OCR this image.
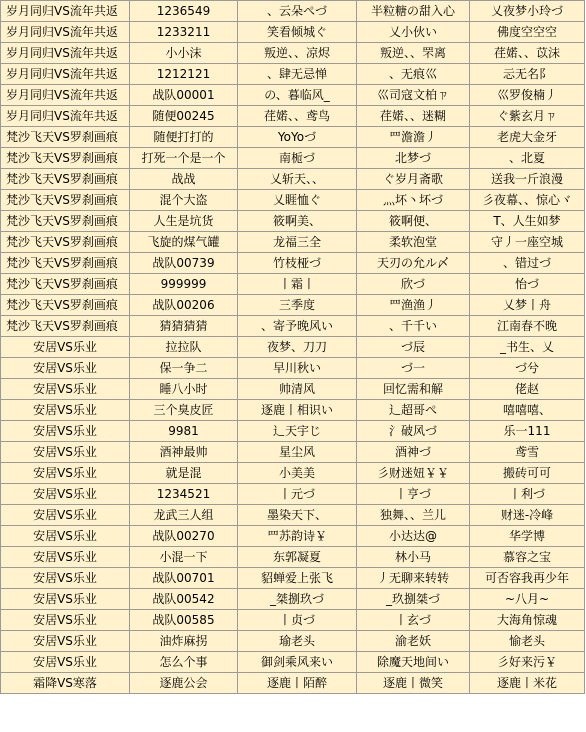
岁月同归VS流年共返	1236549	、云朵ぺづ	半粒糖の甜入心	乂夜梦小玲づ
岁月同归VS流年共返	1233211	笑看倾城ぐ	乂小伙い	佛度空空空
岁月同归VS流年共返	小小沫	叛逆、、凉烬	叛逆、、罘离	荏婼、、苡沫
岁月同归VS流年共返	1212121	、肆无忌惮	、无痕巛	忈无名阝
岁月同归VS流年共返	战队00001	の、暮临风_	巛司寇文柏ㄗ	巛罗俊楠丿
岁月同归VS流年共返	随便00245	荏婼、、鸢鸟	荏婼、、迷糊	ぐ紫玄月ㄗ
梵沙飞天VS罗刹画痕	随便打打的	YoYoづ	罒澹澹丿	老虎大金牙
梵沙飞天VS罗刹画痕	打死一个是一个	南栀づ	北梦づ	、北夏
梵沙飞天VS罗刹画痕	战战	乂斩天、、	ぐ岁月斋歌	送我一斤浪漫
梵沙飞天VS罗刹画痕	混个大盗	乂睚恤ぐ	灬坏丶坏づ	彡夜幕、、惊心ヾ
梵沙飞天VS罗刹画痕	人生是坑货	筱啊美、	筱啊便、	T、人生如梦
梵沙飞天VS罗刹画痕	飞旋的煤气罐	龙福三全	柔软泡堂	守丿一座空城
梵沙飞天VS罗刹画痕	战队00739	竹枝桠づ	天刃の允ル〆	、错过づ
梵沙飞天VS罗刹画痕	999999	丨霜丨	欣づ	怡づ
梵沙飞天VS罗刹画痕	战队00206	三季度	罒渔渔丿	乂梦丨舟
梵沙飞天VS罗刹画痕	猜猜猜猜	、寄予晚风い	、千千い	江南春不晚
安居VS乐业	拉拉队	夜梦、刀刀	づ辰	_书生、乂
安居VS乐业	保一争二	早川秋い	づ一	づ兮
安居VS乐业	睡八小时	帅清风	回忆需和解	佬赵
安居VS乐业	三个臭皮匠	逐鹿丨相识い	辶超哥ぺ	嘻嘻嘻、
安居VS乐业	9981	辶天宇じ	氵破风づ	乐一111
安居VS乐业	酒神最帅	星尘风	酒神づ	鸢雪
安居VS乐业	就是混	小美美	彡财迷妞￥￥	搬砖可可
安居VS乐业	1234521	丨元づ	丨亨づ	丨利づ
安居VS乐业	龙武三人组	墨染天下、	独舞、、兰儿	财迷-冷峰
安居VS乐业	战队00270	罒苏韵诗￥	小达达@	华学博
安居VS乐业	小混一下	东郭凝夏	林小马	慕容之宝
安居VS乐业	战队00701	貂蝉爱上张飞	丿无聊来转转	可否容我再少年
安居VS乐业	战队00542	_桀捌玖づ	_玖捌桀づ	~八月~
安居VS乐业	战队00585	丨贞づ	丨玄づ	大海角惊魂
安居VS乐业	油炸麻拐	瑜老头	渝老妖	愉老头
安居VS乐业	怎么个事	御剑乘风来い	除魔天地间い	彡好来污￥
霜降VS寒落	逐鹿公会	逐鹿丨陌醉	逐鹿丨微笑	逐鹿丨米花
